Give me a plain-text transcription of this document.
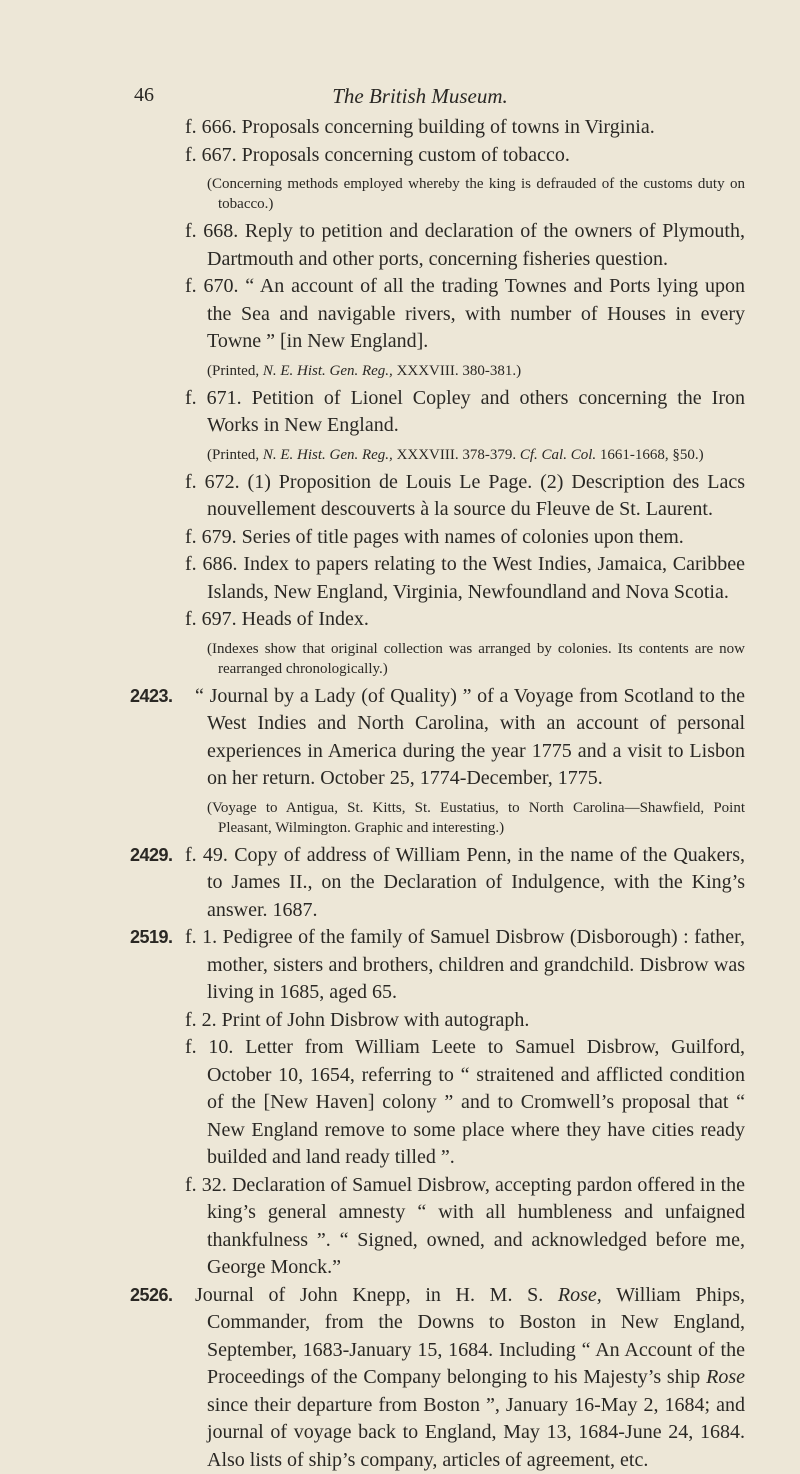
46	The British Museum.
f. 666. Proposals concerning building of towns in Virginia.
f. 667. Proposals concerning custom of tobacco.
(Concerning methods employed whereby the king is defrauded of the customs duty on tobacco.)
f. 668. Reply to petition and declaration of the owners of Plymouth, Dartmouth and other ports, concerning fisheries question.
f. 670. “ An account of all the trading Townes and Ports lying upon the Sea and navigable rivers, with number of Houses in every Towne ” [in New England].
(Printed, N. E. Hist. Gen. Reg., XXXVIII. 380-381.)
f. 671. Petition of Lionel Copley and others concerning the Iron Works in New England.
(Printed, N. E. Hist. Gen. Reg., XXXVIII. 378-379. Cf. Cal. Col. 1661-1668, §50.)
f. 672. (1) Proposition de Louis Le Page. (2) Description des Lacs nouvellement descouverts à la source du Fleuve de St. Laurent.
f. 679. Series of title pages with names of colonies upon them.
f. 686. Index to papers relating to the West Indies, Jamaica, Caribbee Islands, New England, Virginia, Newfoundland and Nova Scotia.
f. 697. Heads of Index.
(Indexes show that original collection was arranged by colonies. Its contents are now rearranged chronologically.)
2423.	“ Journal by a Lady (of Quality) ” of a Voyage from Scotland to the West Indies and North Carolina, with an account of personal experiences in America during the year 1775 and a visit to Lisbon on her return. October 25, 1774-December, 1775.
(Voyage to Antigua, St. Kitts, St. Eustatius, to North Carolina—Shawfield, Point Pleasant, Wilmington. Graphic and interesting.)
2429. f. 49. Copy of address of William Penn, in the name of the Quakers, to James II., on the Declaration of Indulgence, with the King’s answer. 1687.
2519. f. 1. Pedigree of the family of Samuel Disbrow (Disborough) : father, mother, sisters and brothers, children and grandchild. Disbrow was living in 1685, aged 65.
f. 2. Print of John Disbrow with autograph.
f. 10. Letter from William Leete to Samuel Disbrow, Guilford, October 10, 1654, referring to “ straitened and afflicted condition of the [New Haven] colony ” and to Cromwell’s proposal that “ New England remove to some place where they have cities ready builded and land ready tilled ”.
f. 32. Declaration of Samuel Disbrow, accepting pardon offered in the king’s general amnesty “ with all humbleness and unfaigned thankfulness ”. “ Signed, owned, and acknowledged before me, George Monck.”
2526.	Journal of John Knepp, in H. M. S. Rose, William Phips, Commander, from the Downs to Boston in New England, September, 1683-January 15, 1684. Including “ An Account of the Proceedings of the Company belonging to his Majesty’s ship Rose since their departure from Boston ”, January 16-May 2, 1684; and journal of voyage back to England, May 13, 1684-June 24, 1684. Also lists of ship’s company, articles of agreement, etc.
